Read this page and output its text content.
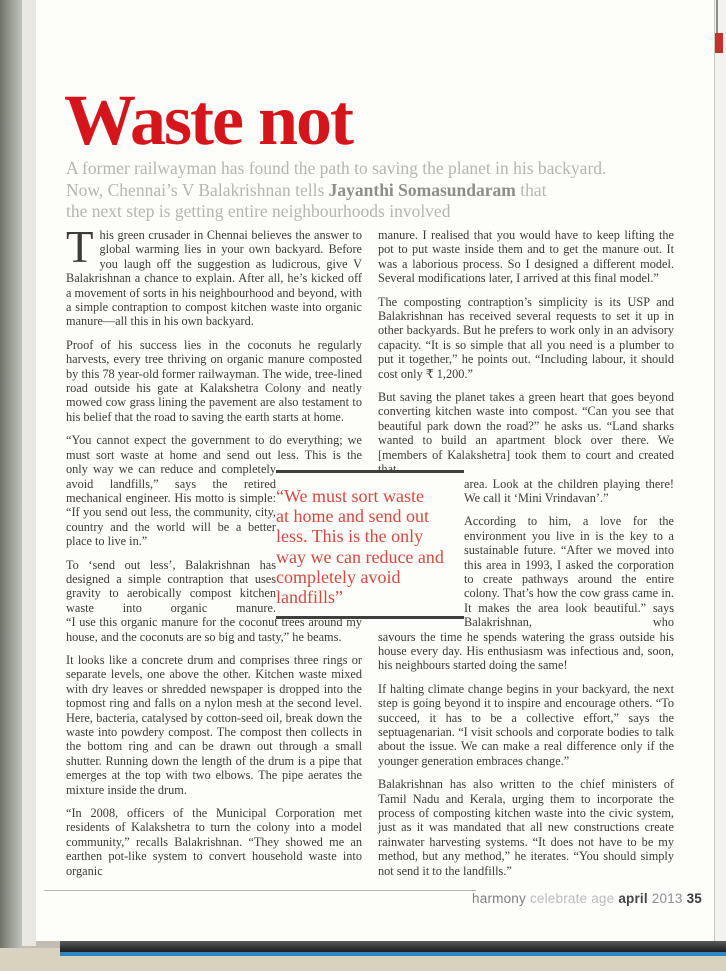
Waste not
A former railwayman has found the path to saving the planet in his backyard.
Now, Chennai’s V Balakrishnan tells Jayanthi Somasundaram that
the next step is getting entire neighbourhoods involved

This green crusader in Chennai believes the answer to global warming lies in your own backyard. Before you laugh off the suggestion as ludicrous, give V Balakrishnan a chance to explain. After all, he’s kicked off a movement of sorts in his neighbourhood and beyond, with a simple contraption to compost kitchen waste into organic manure—all this in his own backyard.

Proof of his success lies in the coconuts he regularly harvests, every tree thriving on organic manure composted by this 78 year-old former railwayman. The wide, tree-lined road outside his gate at Kalakshetra Colony and neatly mowed cow grass lining the pavement are also testament to his belief that the road to saving the earth starts at home.

“You cannot expect the government to do everything; we must sort waste at home and send out less. This is the

only way we can reduce and completely avoid landfills,” says the retired mechanical engineer. His motto is simple: “If you send out less, the community, city, country and the world will be a better place to live in.”

To ‘send out less’, Balakrishnan has designed a simple contraption that uses gravity to aerobically compost kitchen waste into organic manure.

“I use this organic manure for the coconut trees around my house, and the coconuts are so big and tasty,” he beams.

It looks like a concrete drum and comprises three rings or separate levels, one above the other. Kitchen waste mixed with dry leaves or shredded newspaper is dropped into the topmost ring and falls on a nylon mesh at the second level. Here, bacteria, catalysed by cotton-seed oil, break down the waste into powdery compost. The compost then collects in the bottom ring and can be drawn out through a small shutter. Running down the length of the drum is a pipe that emerges at the top with two elbows. The pipe aerates the mixture inside the drum.

“In 2008, officers of the Municipal Corporation met residents of Kalakshetra to turn the colony into a model community,” recalls Balakrishnan. “They showed me an earthen pot-like system to convert household waste into organic

manure. I realised that you would have to keep lifting the pot to put waste inside them and to get the manure out. It was a laborious process. So I designed a different model. Several modifications later, I arrived at this final model.”

The composting contraption’s simplicity is its USP and Balakrishnan has received several requests to set it up in other backyards. But he prefers to work only in an advisory capacity. “It is so simple that all you need is a plumber to put it together,” he points out. “Including labour, it should cost only ₹ 1,200.”

But saving the planet takes a green heart that goes beyond converting kitchen waste into compost. “Can you see that beautiful park down the road?” he asks us. “Land sharks wanted to build an apartment block over there. We [members of Kalakshetra] took them to court and created that

area. Look at the children playing there! We call it ‘Mini Vrindavan’.”

According to him, a love for the environment you live in is the key to a sustainable future. “After we moved into this area in 1993, I asked the corporation to create pathways around the entire colony. That’s how the cow grass came in. It makes the area look beautiful.” says Balakrishnan, who

savours the time he spends watering the grass outside his house every day. His enthusiasm was infectious and, soon, his neighbours started doing the same!

If halting climate change begins in your backyard, the next step is going beyond it to inspire and encourage others. “To succeed, it has to be a collective effort,” says the septuagenarian. “I visit schools and corporate bodies to talk about the issue. We can make a real difference only if the younger generation embraces change.”

Balakrishnan has also written to the chief ministers of Tamil Nadu and Kerala, urging them to incorporate the process of composting kitchen waste into the civic system, just as it was mandated that all new constructions create rainwater harvesting systems. “It does not have to be my method, but any method,” he iterates. “You should simply not send it to the landfills.”

“We must sort waste
at home and send out
less. This is the only
way we can reduce and
completely avoid landfills”
harmony celebrate age april 2013 35
